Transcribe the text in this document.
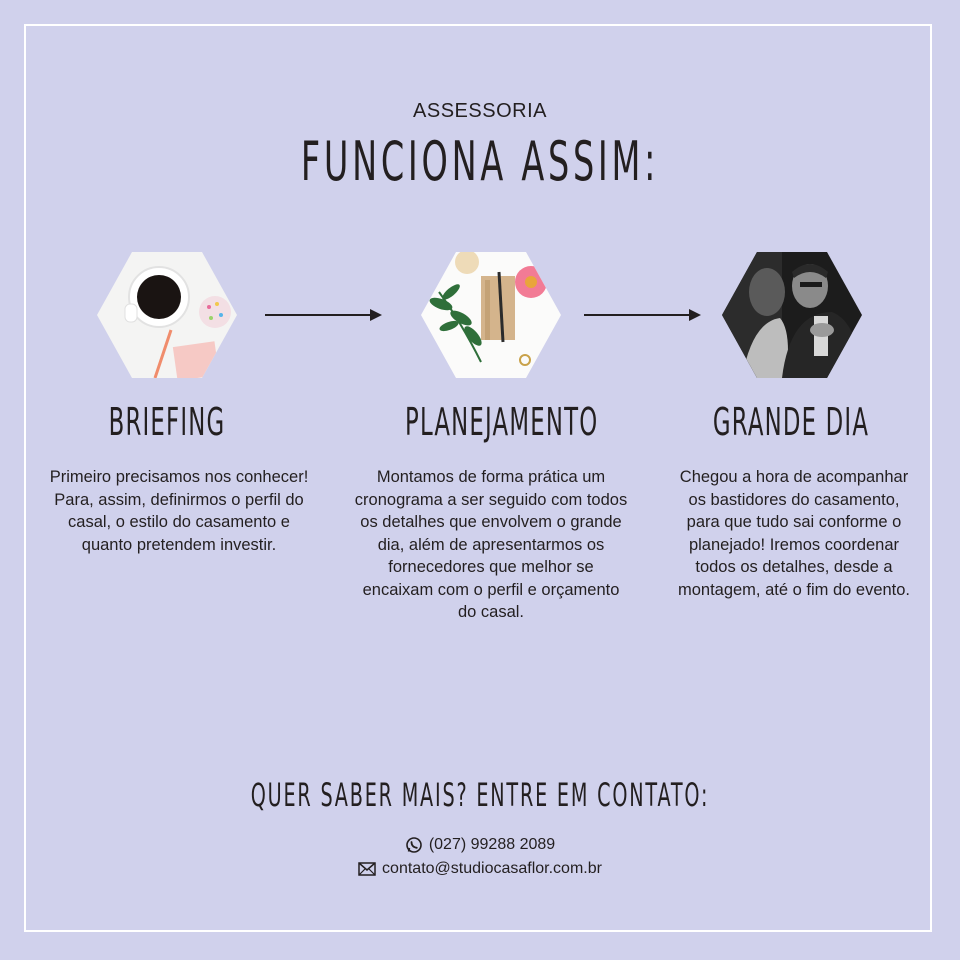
ASSESSORIA
FUNCIONA ASSIM:
BRIEFING	PLANEJAMENTO	GRANDE DIA
Primeiro precisamos nos conhecer! Para, assim, definirmos o perfil do casal, o estilo do casamento e quanto pretendem investir.
Montamos de forma prática um cronograma a ser seguido com todos os detalhes que envolvem o grande dia, além de apresentarmos os fornecedores que melhor se encaixam com o perfil e orçamento do casal.
Chegou a hora de acompanhar os bastidores do casamento, para que tudo sai conforme o planejado! Iremos coordenar todos os detalhes, desde a montagem, até o fim do evento.
QUER SABER MAIS? ENTRE EM CONTATO:
(027) 99288 2089
contato@studiocasaflor.com.br
